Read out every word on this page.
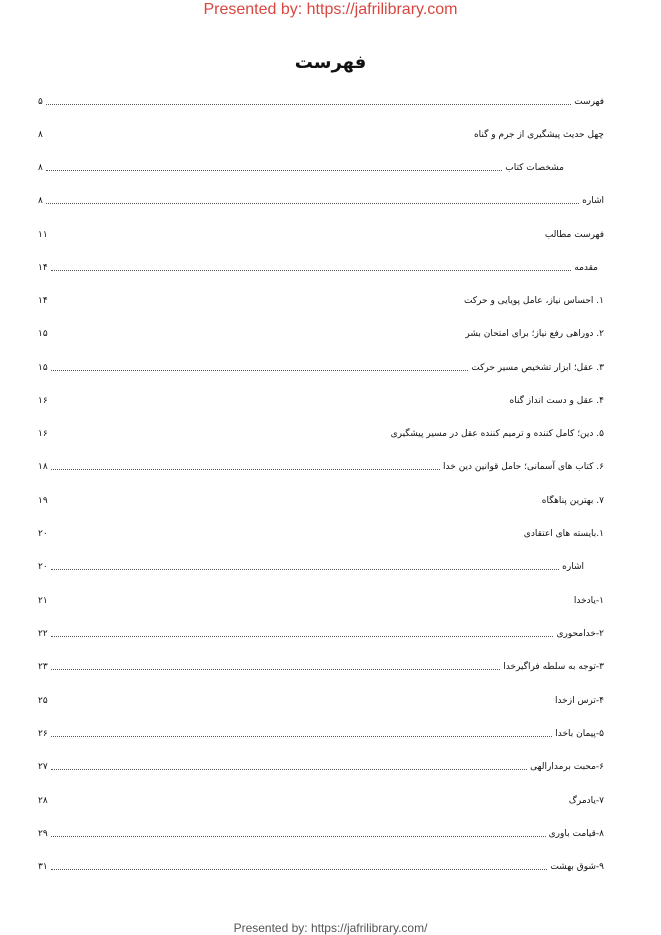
Presented by: https://jafrilibrary.com
فهرست
فهرست
۵
چهل حدیث پیشگیری از جرم و گناه
۸
مشخصات کتاب
۸
اشاره
۸
فهرست مطالب
۱۱
مقدمه
۱۴
۱. احساس نیاز، عامل پویایی و حرکت
۱۴
۲. دوراهی رفع نیاز؛ برای امتحان بشر
۱۵
۳. عقل؛ ابزار تشخیص مسیر حرکت
۱۵
۴. عقل و دست انداز گناه
۱۶
۵. دین؛ کامل کننده و ترمیم کننده عقل در مسیر پیشگیری
۱۶
۶. کتاب های آسمانی؛ حامل قوانین دین خدا
۱۸
۷. بهترین پناهگاه
۱۹
۱.بایسته های اعتقادی
۲۰
اشاره
۲۰
۱-یادخدا
۲۱
۲-خدامحوری
۲۲
۳-توجه به سلطه فراگیرخدا
۲۳
۴-ترس ازخدا
۲۵
۵-پیمان باخدا
۲۶
۶-محبت برمدارالهی
۲۷
۷-یادمرگ
۲۸
۸-قیامت باوری
۲۹
۹-شوق بهشت
۳۱
Presented by: https://jafrilibrary.com/
